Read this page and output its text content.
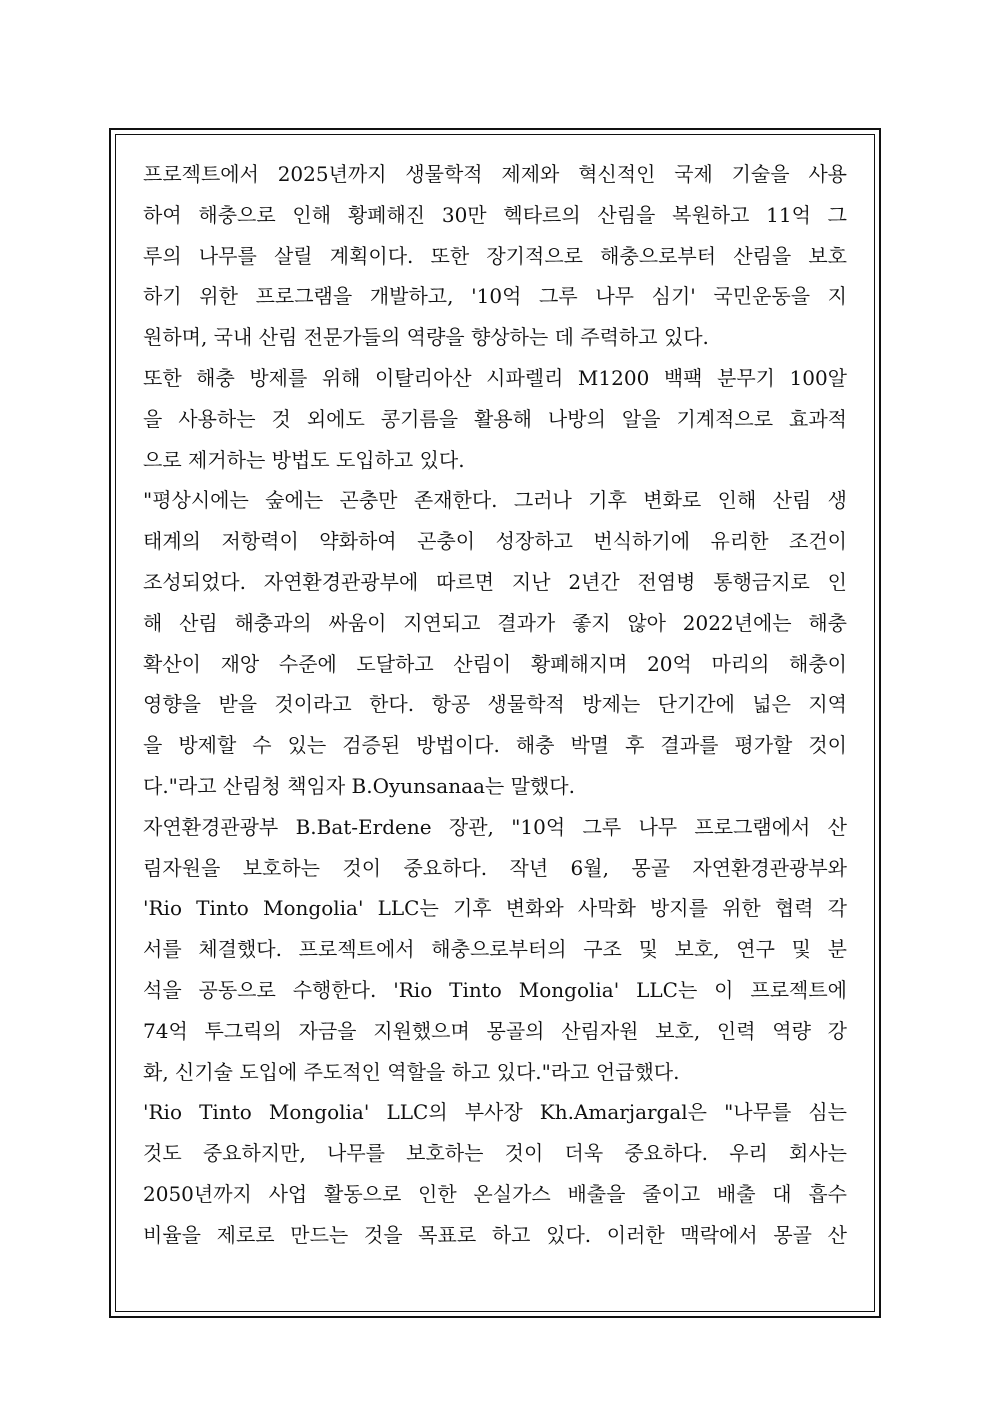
프로젝트에서 2025년까지 생물학적 제제와 혁신적인 국제 기술을 사용
하여 해충으로 인해 황폐해진 30만 헥타르의 산림을 복원하고 11억 그
루의 나무를 살릴 계획이다. 또한 장기적으로 해충으로부터 산림을 보호
하기 위한 프로그램을 개발하고, '10억 그루 나무 심기' 국민운동을 지
원하며, 국내 산림 전문가들의 역량을 향상하는 데 주력하고 있다.

또한 해충 방제를 위해 이탈리아산 시파렐리 M1200 백팩 분무기 100알
을 사용하는 것 외에도 콩기름을 활용해 나방의 알을 기계적으로 효과적
으로 제거하는 방법도 도입하고 있다.

"평상시에는 숲에는 곤충만 존재한다. 그러나 기후 변화로 인해 산림 생
태계의 저항력이 약화하여 곤충이 성장하고 번식하기에 유리한 조건이
조성되었다. 자연환경관광부에 따르면 지난 2년간 전염병 통행금지로 인
해 산림 해충과의 싸움이 지연되고 결과가 좋지 않아 2022년에는 해충
확산이 재앙 수준에 도달하고 산림이 황폐해지며 20억 마리의 해충이
영향을 받을 것이라고 한다. 항공 생물학적 방제는 단기간에 넓은 지역
을 방제할 수 있는 검증된 방법이다. 해충 박멸 후 결과를 평가할 것이
다."라고 산림청 책임자 B.Oyunsanaa는 말했다.

자연환경관광부 B.Bat-Erdene 장관, "10억 그루 나무 프로그램에서 산
림자원을 보호하는 것이 중요하다. 작년 6월, 몽골 자연환경관광부와
'Rio Tinto Mongolia' LLC는 기후 변화와 사막화 방지를 위한 협력 각
서를 체결했다. 프로젝트에서 해충으로부터의 구조 및 보호, 연구 및 분
석을 공동으로 수행한다. 'Rio Tinto Mongolia' LLC는 이 프로젝트에
74억 투그릭의 자금을 지원했으며 몽골의 산림자원 보호, 인력 역량 강
화, 신기술 도입에 주도적인 역할을 하고 있다."라고 언급했다.

'Rio Tinto Mongolia' LLC의 부사장 Kh.Amarjargal은 "나무를 심는
것도 중요하지만, 나무를 보호하는 것이 더욱 중요하다. 우리 회사는
2050년까지 사업 활동으로 인한 온실가스 배출을 줄이고 배출 대 흡수
비율을 제로로 만드는 것을 목표로 하고 있다. 이러한 맥락에서 몽골 산
